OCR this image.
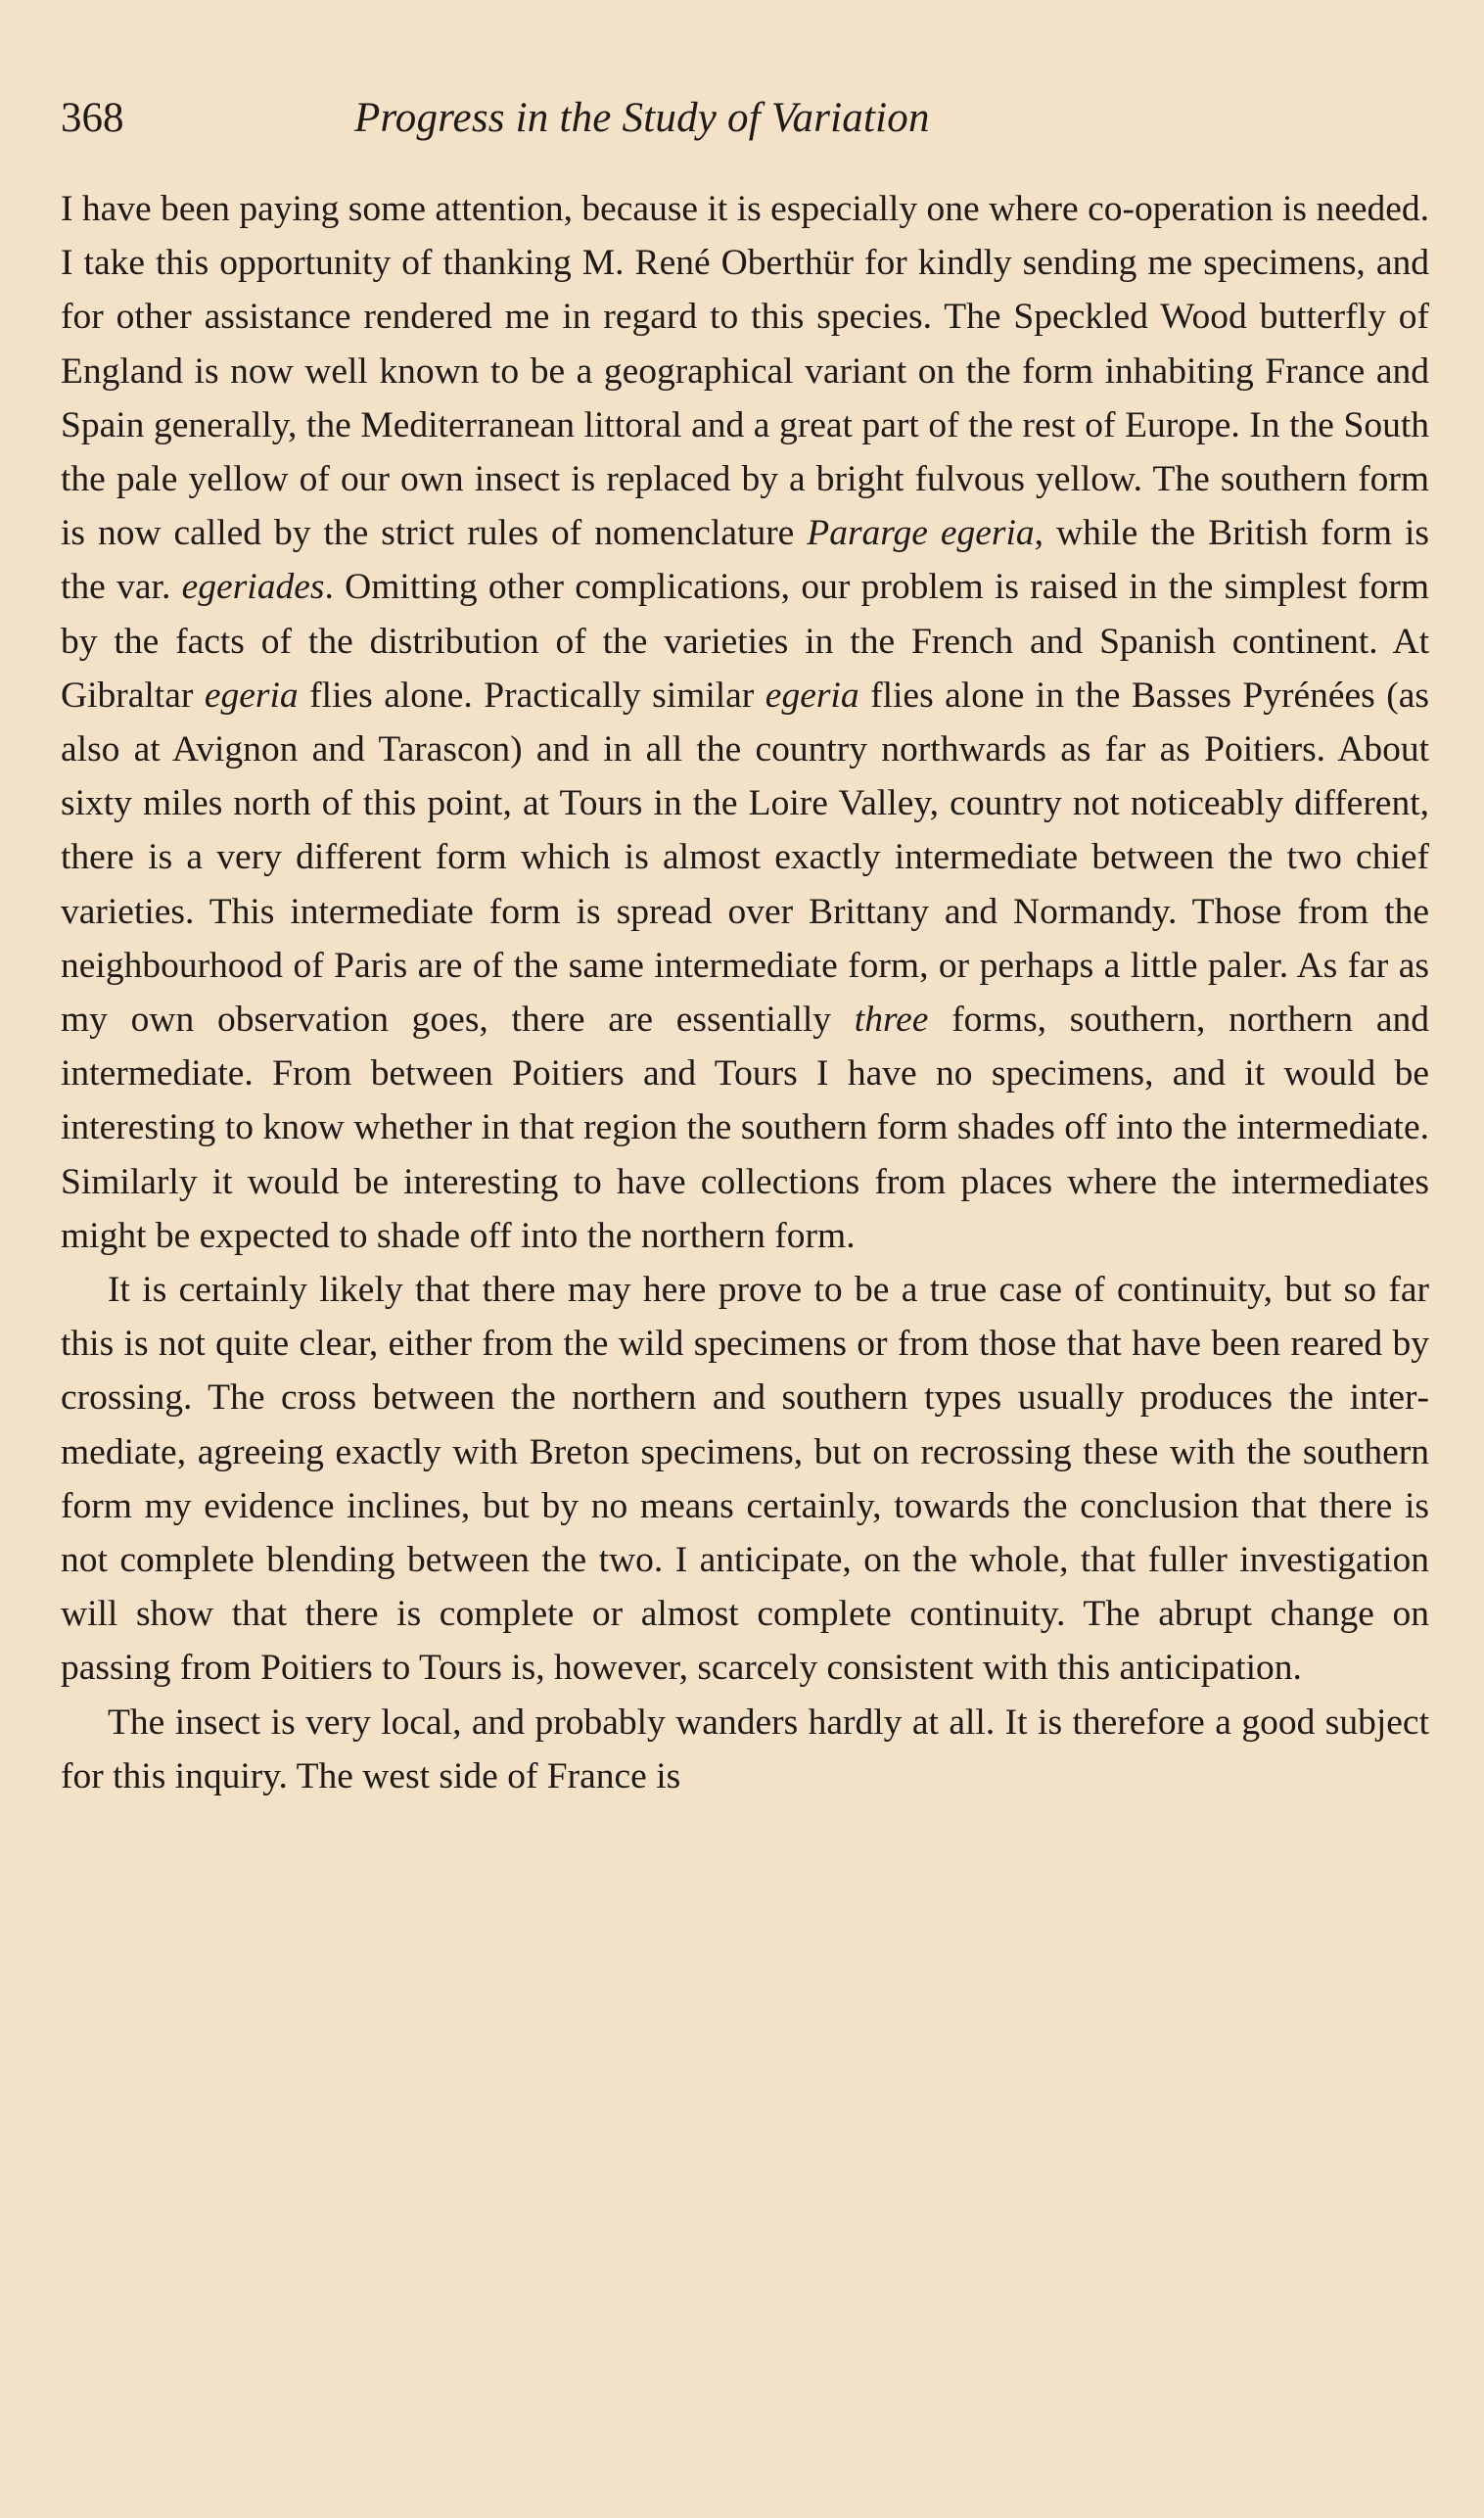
368	Progress in the Study of Variation

I have been paying some attention, because it is especially one where co-operation is needed. I take this opportunity of thanking M. René Oberthür for kindly sending me specimens, and for other assistance rendered me in regard to this species. The Speckled Wood butterfly of England is now well known to be a geographical variant on the form inhabiting France and Spain generally, the Mediterranean littoral and a great part of the rest of Europe. In the South the pale yellow of our own insect is replaced by a bright fulvous yellow. The southern form is now called by the strict rules of nomenclature Pararge egeria, while the British form is the var. egeriades. Omitting other complications, our problem is raised in the simplest form by the facts of the distribution of the varieties in the French and Spanish continent. At Gibraltar egeria flies alone. Practically similar egeria flies alone in the Basses Pyrénées (as also at Avignon and Tarascon) and in all the country northwards as far as Poitiers. About sixty miles north of this point, at Tours in the Loire Valley, country not noticeably different, there is a very different form which is almost exactly intermediate between the two chief varieties. This intermediate form is spread over Brittany and Normandy. Those from the neighbourhood of Paris are of the same intermediate form, or perhaps a little paler. As far as my own observation goes, there are essentially three forms, southern, northern and intermediate. From between Poitiers and Tours I have no specimens, and it would be interesting to know whether in that region the southern form shades off into the intermediate. Similarly it would be interesting to have collections from places where the intermediates might be expected to shade off into the northern form.

It is certainly likely that there may here prove to be a true case of continuity, but so far this is not quite clear, either from the wild specimens or from those that have been reared by crossing. The cross between the northern and southern types usually produces the intermediate, agreeing exactly with Breton specimens, but on recrossing these with the southern form my evidence inclines, but by no means certainly, towards the conclusion that there is not complete blending between the two. I anticipate, on the whole, that fuller investigation will show that there is complete or almost complete continuity. The abrupt change on passing from Poitiers to Tours is, however, scarcely consistent with this anticipation.

The insect is very local, and probably wanders hardly at all. It is therefore a good subject for this inquiry. The west side of France is
